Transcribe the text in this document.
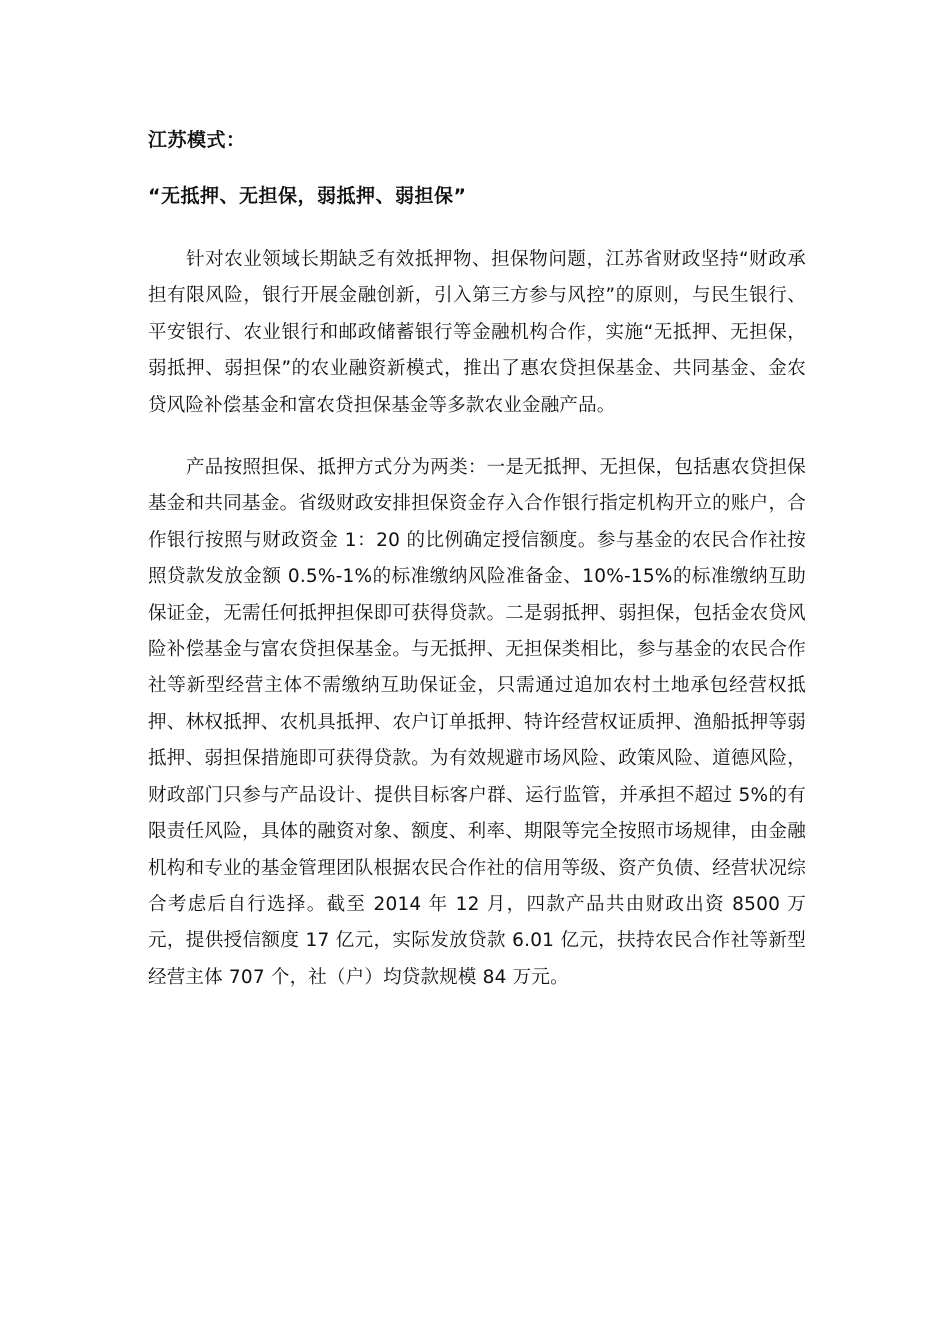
江苏模式：

“无抵押、无担保，弱抵押、弱担保”

针对农业领域长期缺乏有效抵押物、担保物问题，江苏省财政坚持“财政承担有限风险，银行开展金融创新，引入第三方参与风控”的原则，与民生银行、平安银行、农业银行和邮政储蓄银行等金融机构合作，实施“无抵押、无担保，弱抵押、弱担保”的农业融资新模式，推出了惠农贷担保基金、共同基金、金农贷风险补偿基金和富农贷担保基金等多款农业金融产品。

产品按照担保、抵押方式分为两类：一是无抵押、无担保，包括惠农贷担保基金和共同基金。省级财政安排担保资金存入合作银行指定机构开立的账户，合作银行按照与财政资金 1：20 的比例确定授信额度。参与基金的农民合作社按照贷款发放金额 0.5%-1%的标准缴纳风险准备金、10%-15%的标准缴纳互助保证金，无需任何抵押担保即可获得贷款。二是弱抵押、弱担保，包括金农贷风险补偿基金与富农贷担保基金。与无抵押、无担保类相比，参与基金的农民合作社等新型经营主体不需缴纳互助保证金，只需通过追加农村土地承包经营权抵押、林权抵押、农机具抵押、农户订单抵押、特许经营权证质押、渔船抵押等弱抵押、弱担保措施即可获得贷款。为有效规避市场风险、政策风险、道德风险，财政部门只参与产品设计、提供目标客户群、运行监管，并承担不超过 5%的有限责任风险，具体的融资对象、额度、利率、期限等完全按照市场规律，由金融机构和专业的基金管理团队根据农民合作社的信用等级、资产负债、经营状况综合考虑后自行选择。截至 2014 年 12 月，四款产品共由财政出资 8500 万元，提供授信额度 17 亿元，实际发放贷款 6.01 亿元，扶持农民合作社等新型经营主体 707 个，社（户）均贷款规模 84 万元。
